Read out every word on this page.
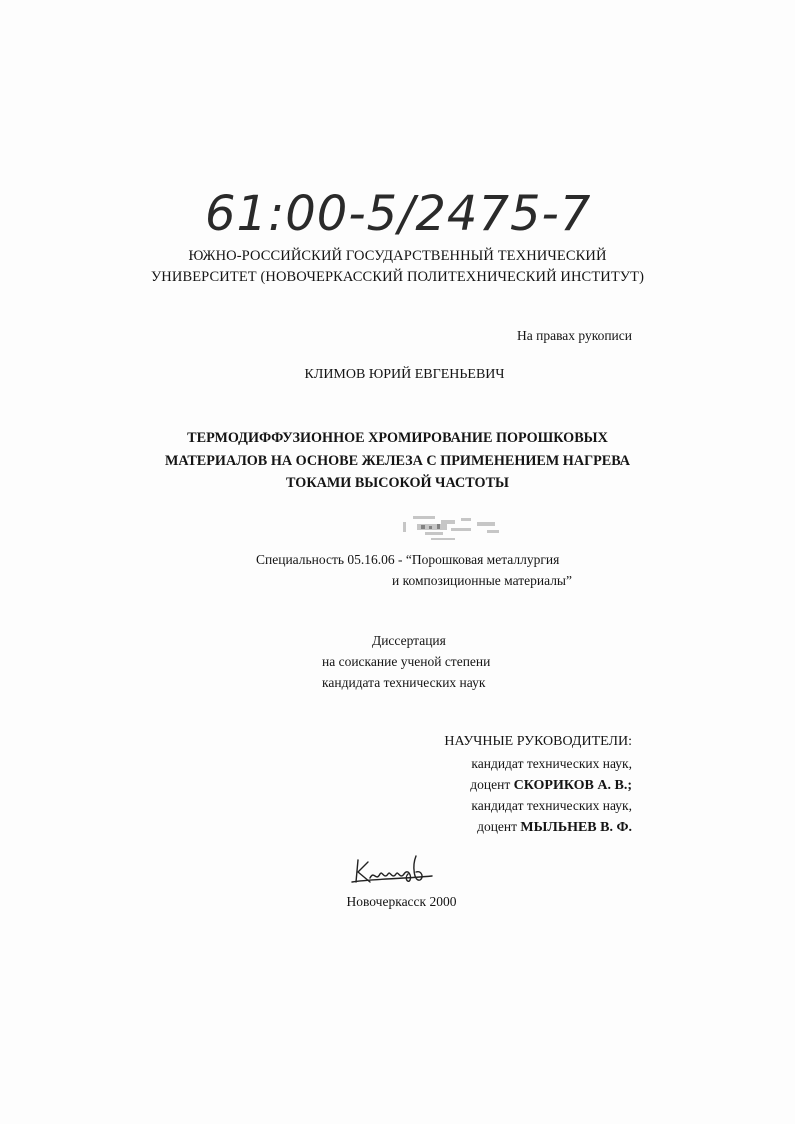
61:00-5/2475-7
ЮЖНО-РОССИЙСКИЙ ГОСУДАРСТВЕННЫЙ ТЕХНИЧЕСКИЙ
УНИВЕРСИТЕТ (НОВОЧЕРКАССКИЙ ПОЛИТЕХНИЧЕСКИЙ ИНСТИТУТ)
На правах рукописи
КЛИМОВ ЮРИЙ ЕВГЕНЬЕВИЧ
ТЕРМОДИФФУЗИОННОЕ ХРОМИРОВАНИЕ ПОРОШКОВЫХ
МАТЕРИАЛОВ НА ОСНОВЕ ЖЕЛЕЗА С ПРИМЕНЕНИЕМ НАГРЕВА
ТОКАМИ ВЫСОКОЙ ЧАСТОТЫ
Специальность 05.16.06 - “Порошковая металлургия
и композиционные материалы”
Диссертация
на соискание ученой степени
кандидата технических наук
НАУЧНЫЕ РУКОВОДИТЕЛИ:
кандидат технических наук,
доцент СКОРИКОВ А. В.;
кандидат технических наук,
доцент МЫЛЬНЕВ В. Ф.
Новочеркасск 2000
